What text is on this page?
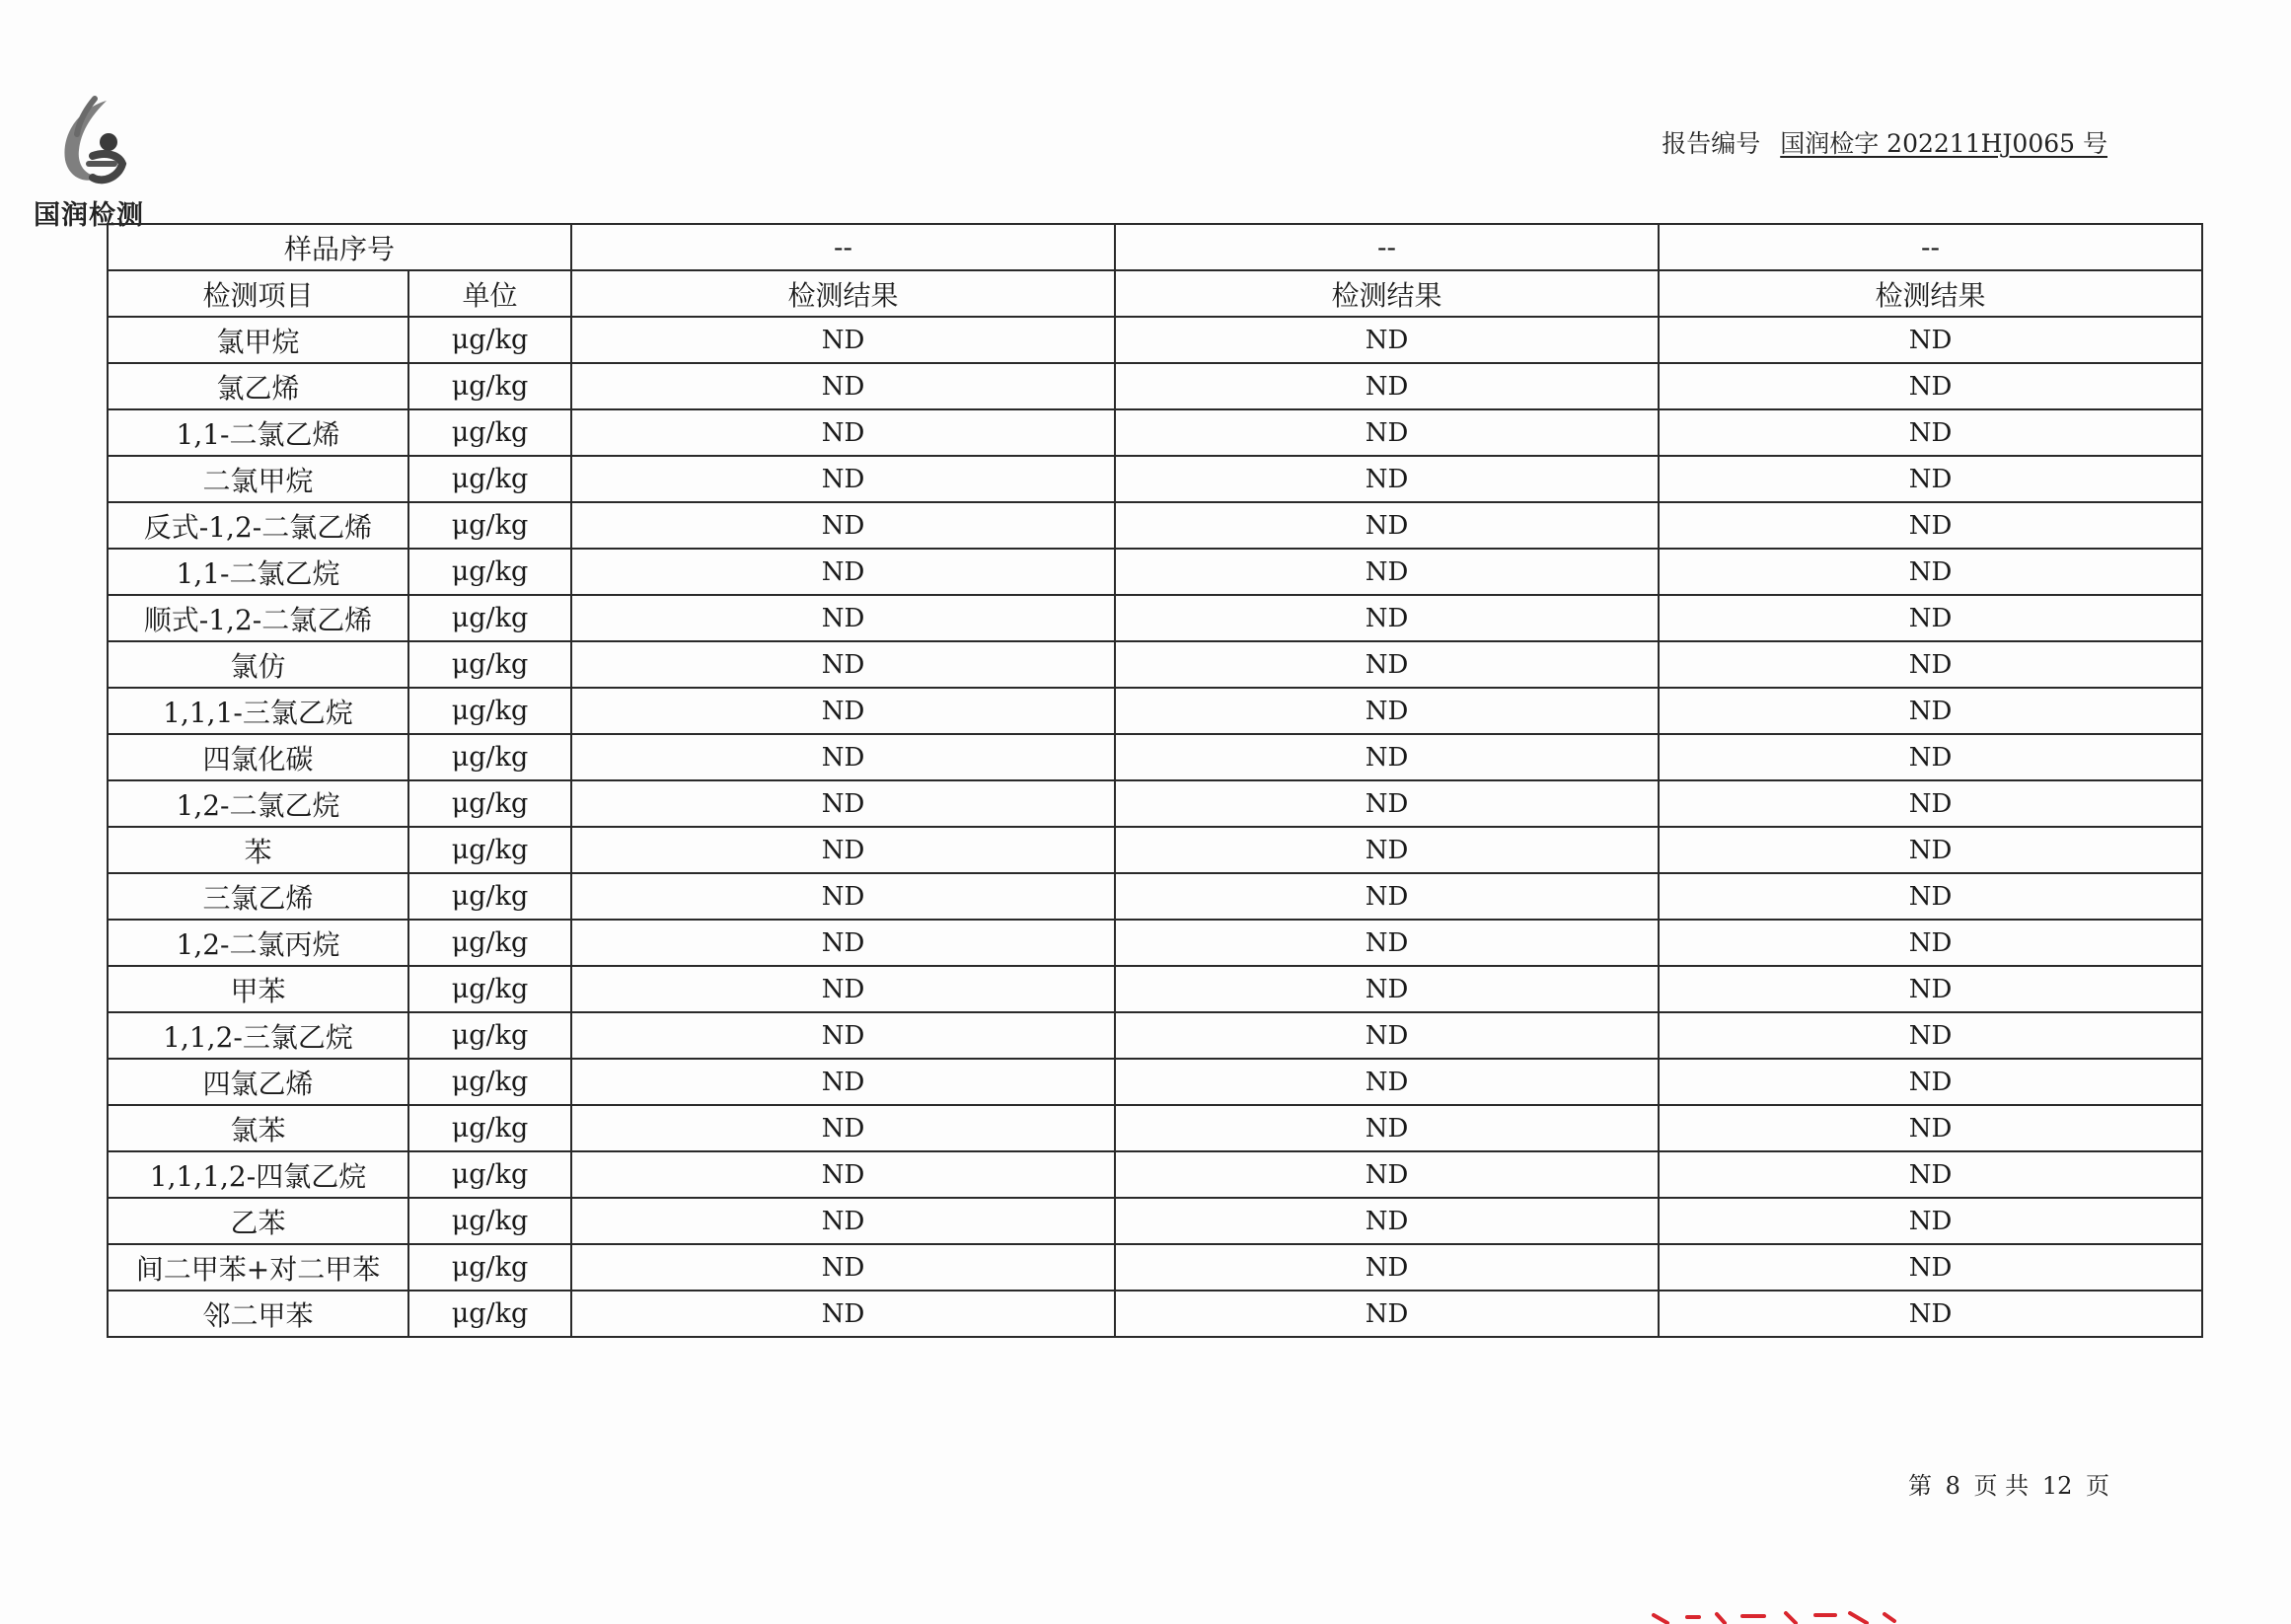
国润检测
报告编号 国润检字 202211HJ0065 号
样品序号		--	--	--
检测项目	单位	检测结果	检测结果	检测结果
氯甲烷	μg/kg	ND	ND	ND
氯乙烯	μg/kg	ND	ND	ND
1,1-二氯乙烯	μg/kg	ND	ND	ND
二氯甲烷	μg/kg	ND	ND	ND
反式-1,2-二氯乙烯	μg/kg	ND	ND	ND
1,1-二氯乙烷	μg/kg	ND	ND	ND
顺式-1,2-二氯乙烯	μg/kg	ND	ND	ND
氯仿	μg/kg	ND	ND	ND
1,1,1-三氯乙烷	μg/kg	ND	ND	ND
四氯化碳	μg/kg	ND	ND	ND
1,2-二氯乙烷	μg/kg	ND	ND	ND
苯	μg/kg	ND	ND	ND
三氯乙烯	μg/kg	ND	ND	ND
1,2-二氯丙烷	μg/kg	ND	ND	ND
甲苯	μg/kg	ND	ND	ND
1,1,2-三氯乙烷	μg/kg	ND	ND	ND
四氯乙烯	μg/kg	ND	ND	ND
氯苯	μg/kg	ND	ND	ND
1,1,1,2-四氯乙烷	μg/kg	ND	ND	ND
乙苯	μg/kg	ND	ND	ND
间二甲苯+对二甲苯	μg/kg	ND	ND	ND
邻二甲苯	μg/kg	ND	ND	ND
第 8 页 共 12 页
